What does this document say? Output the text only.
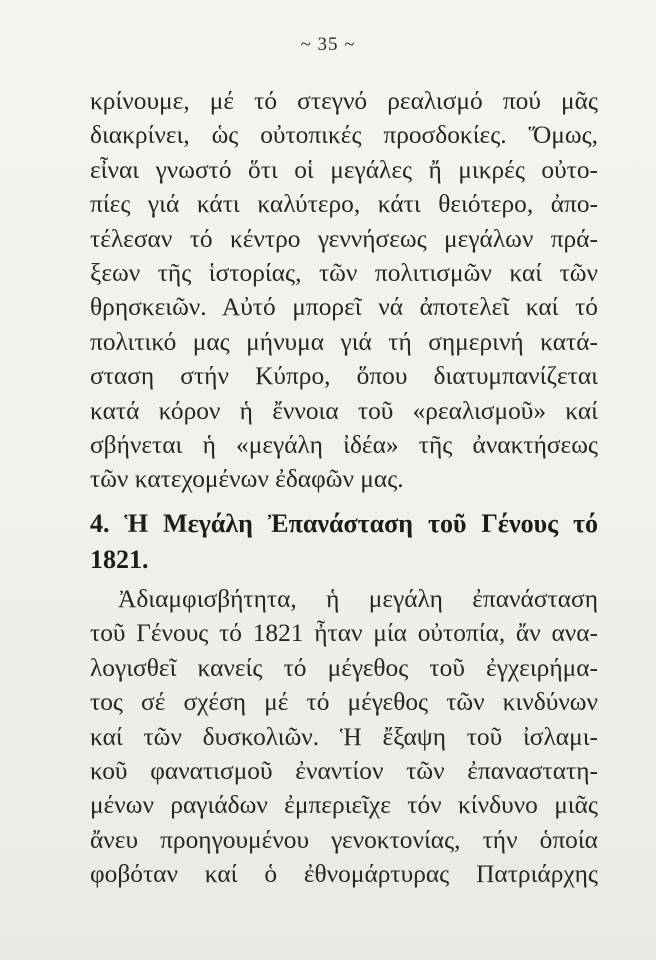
~ 35 ~
κρίνουμε, μέ τό στεγνό ρεαλισμό πού μᾶς
διακρίνει, ὡς οὐτοπικές προσδοκίες. Ὅμως,
εἶναι γνωστό ὅτι οἱ μεγάλες ἤ μικρές οὐτο-
πίες γιά κάτι καλύτερο, κάτι θειότερο, ἀπο-
τέλεσαν τό κέντρο γεννήσεως μεγάλων πρά-
ξεων τῆς ἱστορίας, τῶν πολιτισμῶν καί τῶν
θρησκειῶν. Αὐτό μπορεῖ νά ἀποτελεῖ καί τό
πολιτικό μας μήνυμα γιά τή σημερινή κατά-
σταση στήν Κύπρο, ὅπου διατυμπανίζεται
κατά κόρον ἡ ἔννοια τοῦ «ρεαλισμοῦ» καί
σβήνεται ἡ «μεγάλη ἰδέα» τῆς ἀνακτήσεως
τῶν κατεχομένων ἐδαφῶν μας.
4. Ἡ Μεγάλη Ἐπανάσταση τοῦ Γένους τό
1821.
Ἀδιαμφισβήτητα, ἡ μεγάλη ἐπανάσταση
τοῦ Γένους τό 1821 ἦταν μία οὐτοπία, ἄν ανα-
λογισθεῖ κανείς τό μέγεθος τοῦ ἐγχειρήμα-
τος σέ σχέση μέ τό μέγεθος τῶν κινδύνων
καί τῶν δυσκολιῶν. Ἡ ἔξαψη τοῦ ἰσλαμι-
κοῦ φανατισμοῦ ἐναντίον τῶν ἐπαναστατη-
μένων ραγιάδων ἐμπεριεῖχε τόν κίνδυνο μιᾶς
ἄνευ προηγουμένου γενοκτονίας, τήν ὁποία
φοβόταν καί ὁ ἐθνομάρτυρας Πατριάρχης
